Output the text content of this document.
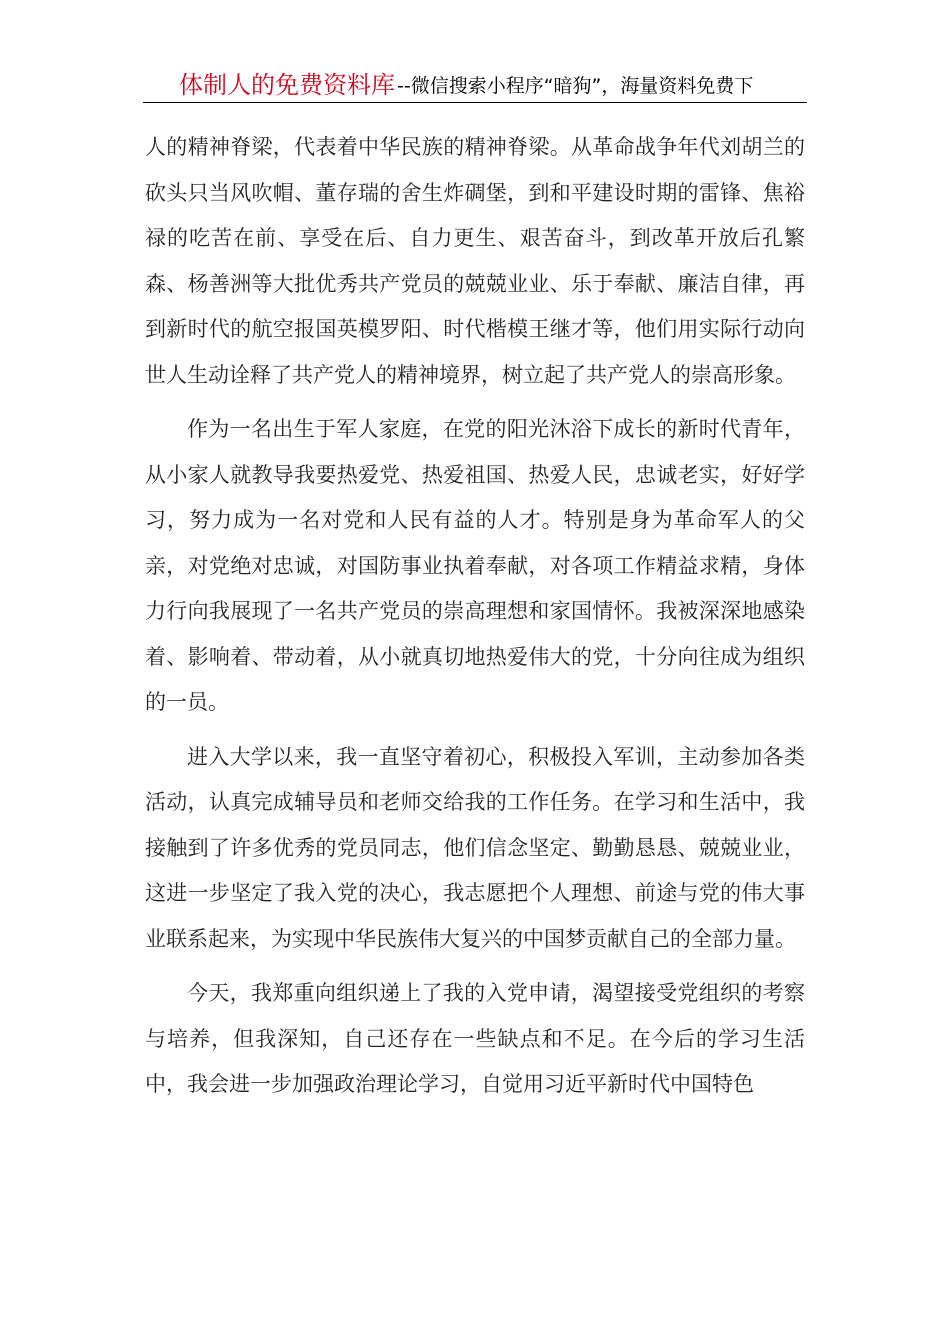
体制人的免费资料库 --微信搜索小程序“暗狗”，海量资料免费下

人的精神脊梁，代表着中华民族的精神脊梁。从革命战争年代刘胡兰的砍头只当风吹帽、董存瑞的舍生炸碉堡，到和平建设时期的雷锋、焦裕禄的吃苦在前、享受在后、自力更生、艰苦奋斗，到改革开放后孔繁森、杨善洲等大批优秀共产党员的兢兢业业、乐于奉献、廉洁自律，再到新时代的航空报国英模罗阳、时代楷模王继才等，他们用实际行动向世人生动诠释了共产党人的精神境界，树立起了共产党人的崇高形象。

作为一名出生于军人家庭，在党的阳光沐浴下成长的新时代青年，从小家人就教导我要热爱党、热爱祖国、热爱人民，忠诚老实，好好学习，努力成为一名对党和人民有益的人才。特别是身为革命军人的父亲，对党绝对忠诚，对国防事业执着奉献，对各项工作精益求精，身体力行向我展现了一名共产党员的崇高理想和家国情怀。我被深深地感染着、影响着、带动着，从小就真切地热爱伟大的党，十分向往成为组织的一员。

进入大学以来，我一直坚守着初心，积极投入军训，主动参加各类活动，认真完成辅导员和老师交给我的工作任务。在学习和生活中，我接触到了许多优秀的党员同志，他们信念坚定、勤勤恳恳、兢兢业业，这进一步坚定了我入党的决心，我志愿把个人理想、前途与党的伟大事业联系起来，为实现中华民族伟大复兴的中国梦贡献自己的全部力量。

今天，我郑重向组织递上了我的入党申请，渴望接受党组织的考察与培养，但我深知，自己还存在一些缺点和不足。在今后的学习生活中，我会进一步加强政治理论学习，自觉用习近平新时代中国特色
